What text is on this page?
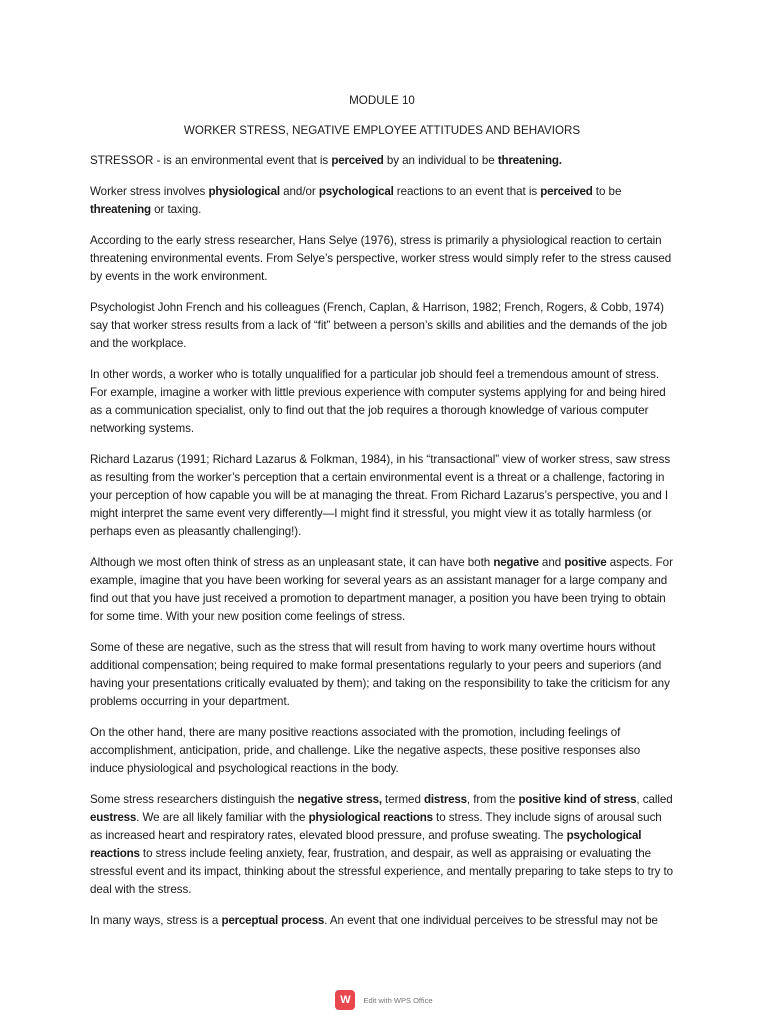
MODULE 10
WORKER STRESS, NEGATIVE EMPLOYEE ATTITUDES AND BEHAVIORS

STRESSOR - is an environmental event that is perceived by an individual to be threatening.

Worker stress involves physiological and/or psychological reactions to an event that is perceived to be threatening or taxing.

According to the early stress researcher, Hans Selye (1976), stress is primarily a physiological reaction to certain threatening environmental events. From Selye’s perspective, worker stress would simply refer to the stress caused by events in the work environment.

Psychologist John French and his colleagues (French, Caplan, & Harrison, 1982; French, Rogers, & Cobb, 1974) say that worker stress results from a lack of “fit” between a person’s skills and abilities and the demands of the job and the workplace.

In other words, a worker who is totally unqualified for a particular job should feel a tremendous amount of stress. For example, imagine a worker with little previous experience with computer systems applying for and being hired as a communication specialist, only to find out that the job requires a thorough knowledge of various computer networking systems.

Richard Lazarus (1991; Richard Lazarus & Folkman, 1984), in his “transactional” view of worker stress, saw stress as resulting from the worker’s perception that a certain environmental event is a threat or a challenge, factoring in your perception of how capable you will be at managing the threat. From Richard Lazarus’s perspective, you and I might interpret the same event very differently—I might find it stressful, you might view it as totally harmless (or perhaps even as pleasantly challenging!).

Although we most often think of stress as an unpleasant state, it can have both negative and positive aspects. For example, imagine that you have been working for several years as an assistant manager for a large company and find out that you have just received a promotion to department manager, a position you have been trying to obtain for some time. With your new position come feelings of stress.

Some of these are negative, such as the stress that will result from having to work many overtime hours without additional compensation; being required to make formal presentations regularly to your peers and superiors (and having your presentations critically evaluated by them); and taking on the responsibility to take the criticism for any problems occurring in your department.

On the other hand, there are many positive reactions associated with the promotion, including feelings of accomplishment, anticipation, pride, and challenge. Like the negative aspects, these positive responses also induce physiological and psychological reactions in the body.

Some stress researchers distinguish the negative stress, termed distress, from the positive kind of stress, called eustress. We are all likely familiar with the physiological reactions to stress. They include signs of arousal such as increased heart and respiratory rates, elevated blood pressure, and profuse sweating. The psychological reactions to stress include feeling anxiety, fear, frustration, and despair, as well as appraising or evaluating the stressful event and its impact, thinking about the stressful experience, and mentally preparing to take steps to try to deal with the stress.

In many ways, stress is a perceptual process. An event that one individual perceives to be stressful may not be

W	Edit with WPS Office
